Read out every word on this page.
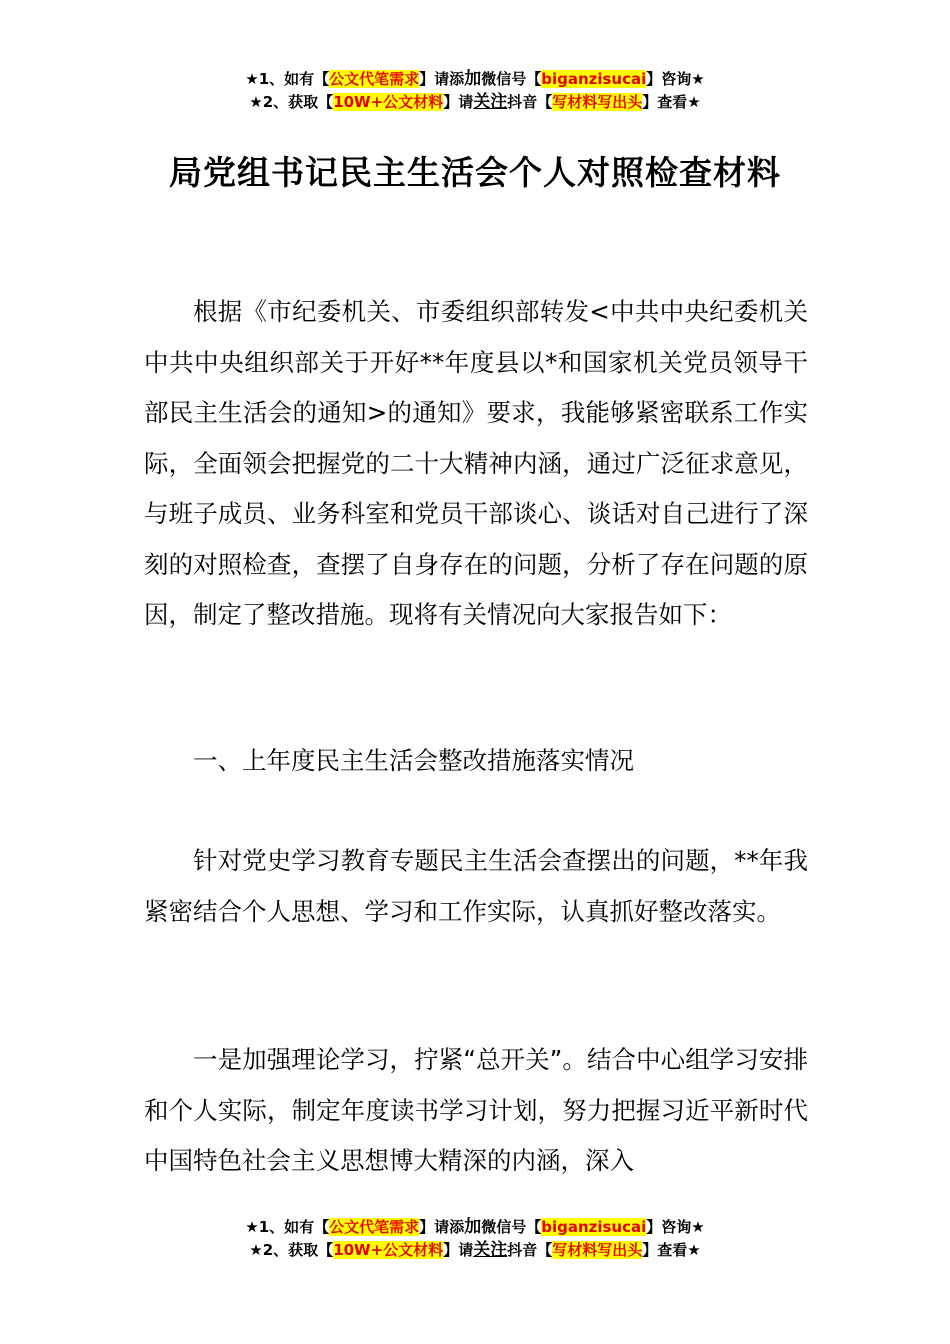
★1、如有【公文代笔需求】请添加微信号【biganzisucai】咨询★
★2、获取【10W+公文材料】请关注抖音【写材料写出头】查看★
局党组书记民主生活会个人对照检查材料
根据《市纪委机关、市委组织部转发<中共中央纪委机关 中共中央组织部关于开好**年度县以*和国家机关党员领导干部民主生活会的通知>的通知》要求，我能够紧密联系工作实际，全面领会把握党的二十大精神内涵，通过广泛征求意见，与班子成员、业务科室和党员干部谈心、谈话对自己进行了深刻的对照检查，查摆了自身存在的问题，分析了存在问题的原因，制定了整改措施。现将有关情况向大家报告如下：
一、上年度民主生活会整改措施落实情况
针对党史学习教育专题民主生活会查摆出的问题，**年我紧密结合个人思想、学习和工作实际，认真抓好整改落实。
一是加强理论学习，拧紧“总开关”。结合中心组学习安排和个人实际，制定年度读书学习计划，努力把握习近平新时代中国特色社会主义思想博大精深的内涵，深入
★1、如有【公文代笔需求】请添加微信号【biganzisucai】咨询★
★2、获取【10W+公文材料】请关注抖音【写材料写出头】查看★
